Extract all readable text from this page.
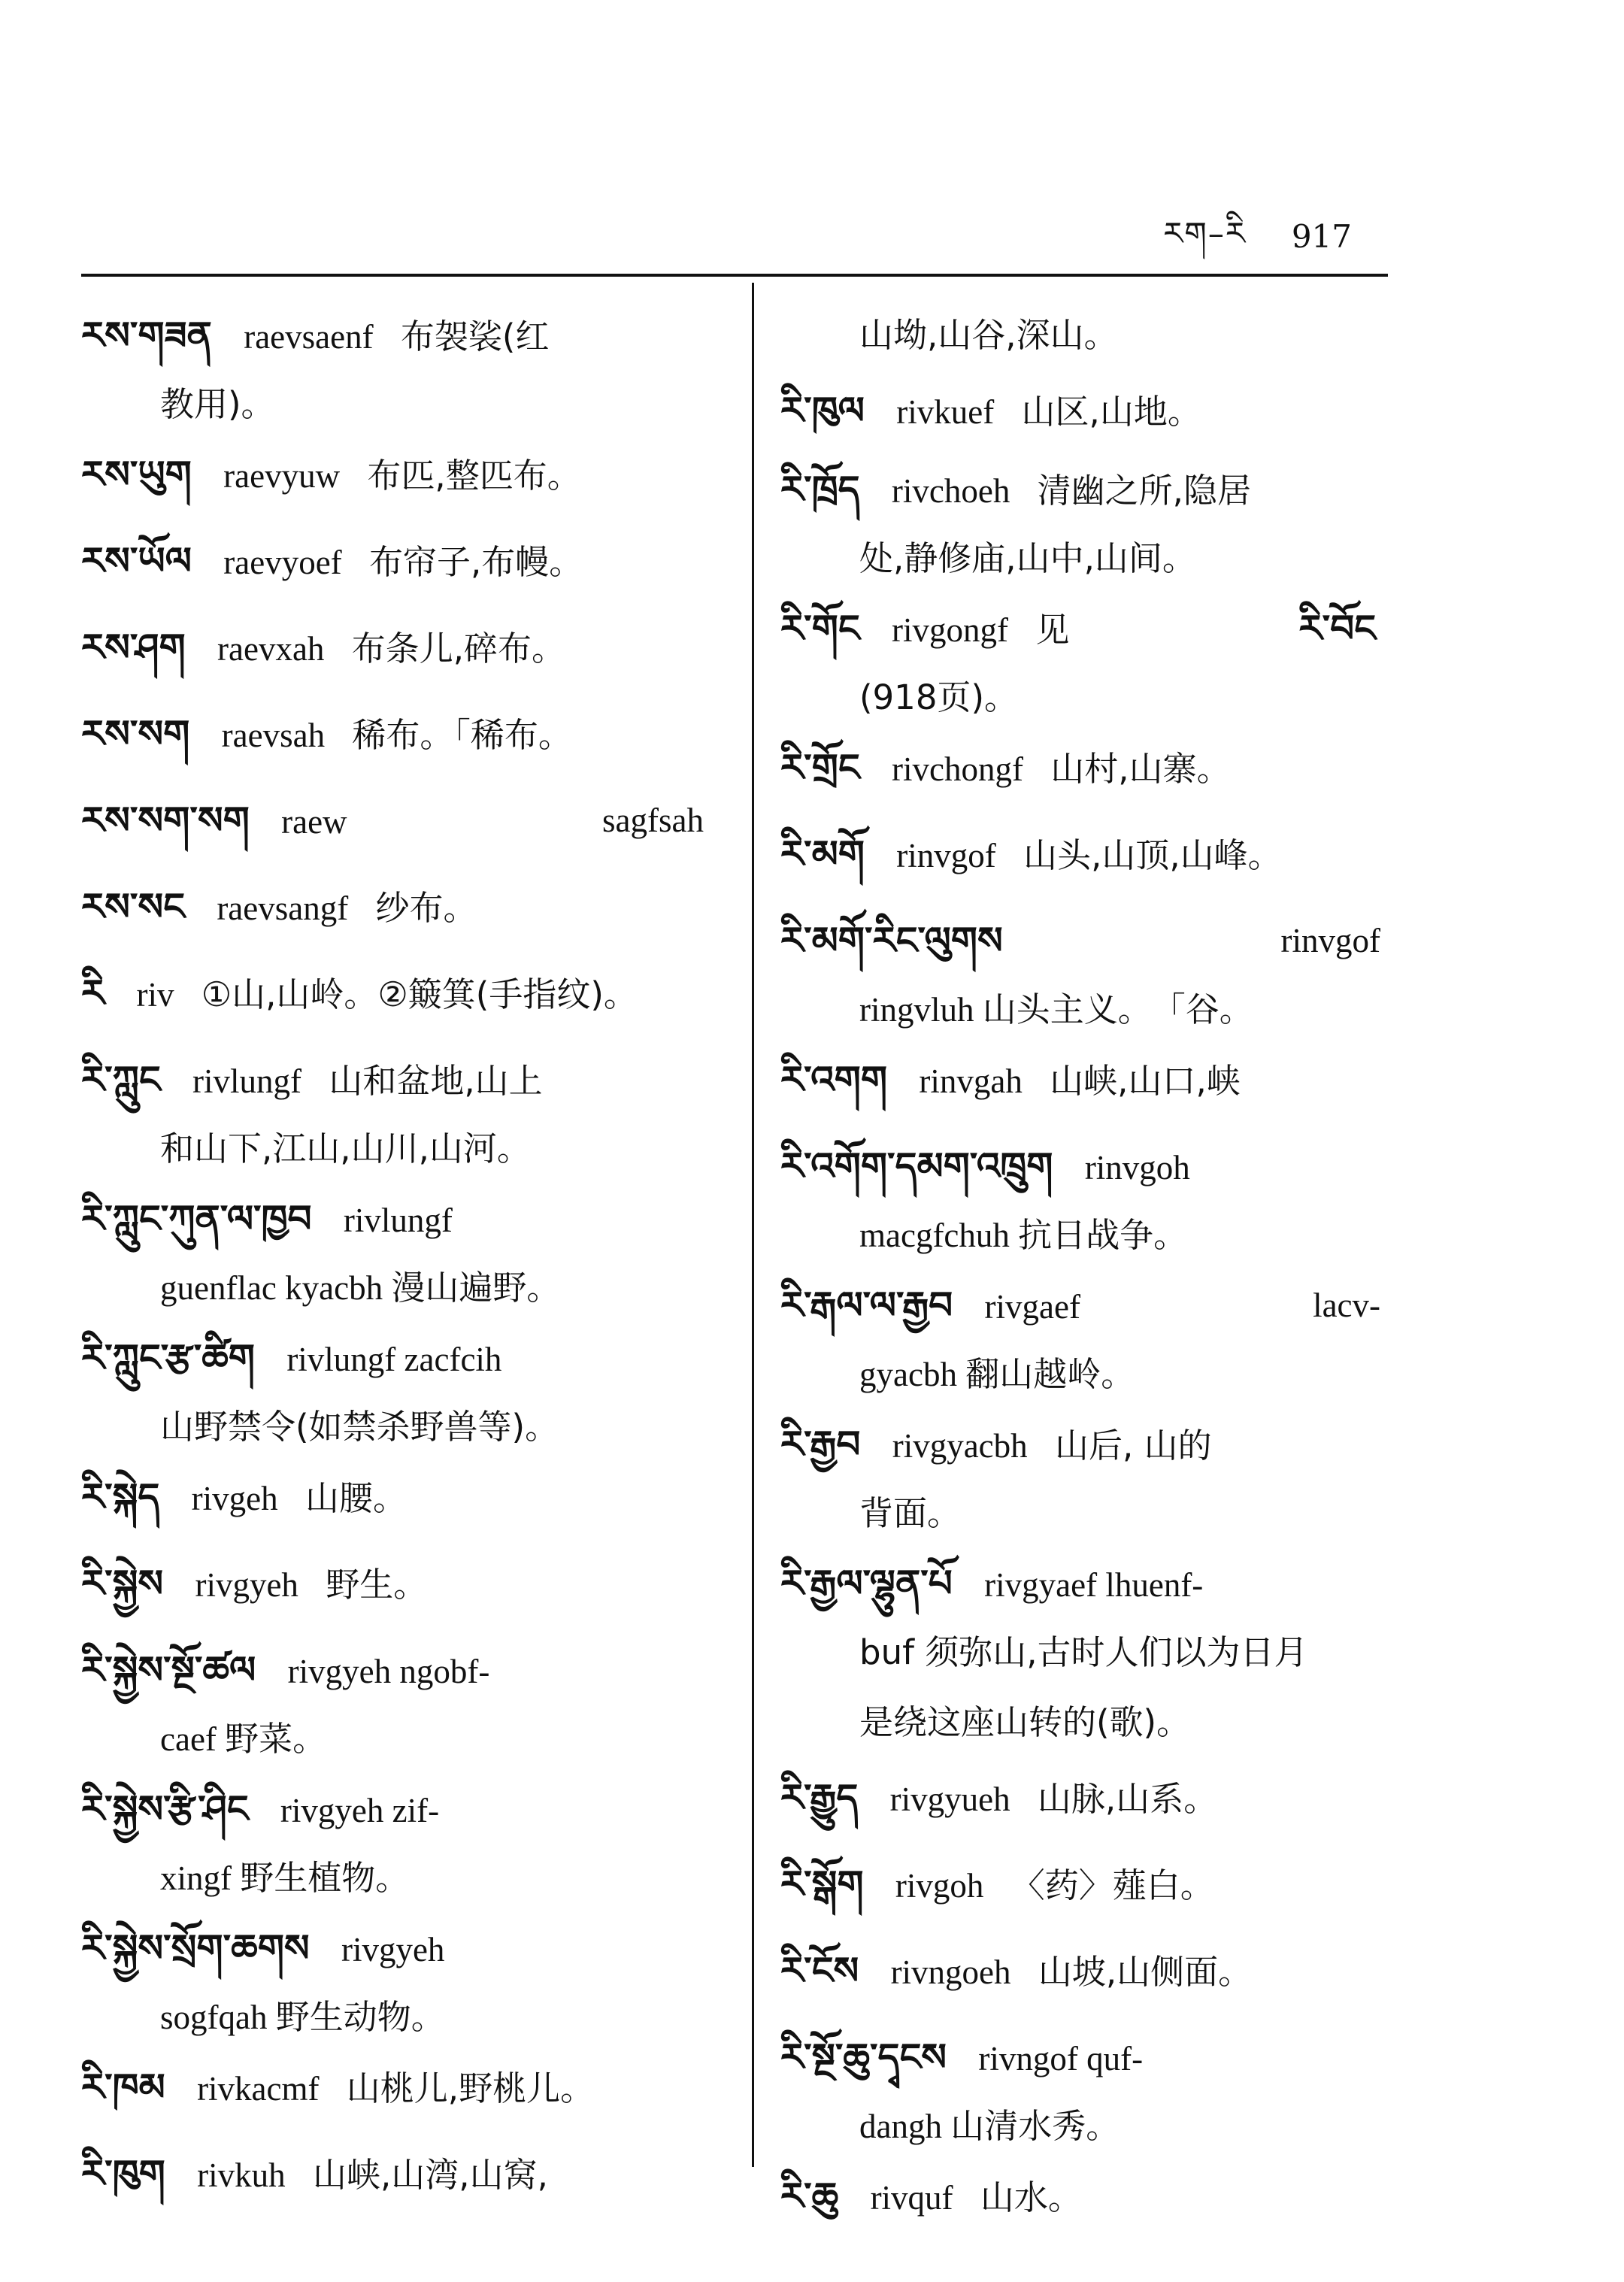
རག–རི 917
རས་གཟན raevsaenf 布袈裟(红
教用)。
རས་ཡུག raevyuw 布匹,整匹布。
རས་ཡོལ raevyoef 布帘子,布幔。
རས་ཤག raevxah 布条儿,碎布。
རས་སག raevsah 稀布。「稀布。
རས་སག་སག raew	sagfsah
རས་སང raevsangf 纱布。
རི riv ①山,山岭。②簸箕(手指纹)。
རི་ཀླུང rivlungf 山和盆地,山上
和山下,江山,山川,山河。
རི་ཀླུང་ཀུན་ལ་ཁྱབ rivlungf
guenflac kyacbh 漫山遍野。
རི་ཀླུང་རྩ་ཚིག rivlungf zacfcih
山野禁令(如禁杀野兽等)。
རི་སྐེད rivgeh 山腰。
རི་སྐྱེས rivgyeh 野生。
རི་སྐྱེས་སྔོ་ཚལ rivgyeh ngobf-
caef 野菜。
རི་སྐྱེས་རྩི་ཤིང rivgyeh zif-
xingf 野生植物。
རི་སྐྱེས་སྲོག་ཆགས rivgyeh
sogfqah 野生动物。
རི་ཁམ rivkacmf 山桃儿,野桃儿。
རི་ཁུག rivkuh 山峡,山湾,山窝,
山坳,山谷,深山。
རི་ཁུལ rivkuef 山区,山地。
རི་ཁྲོད rivchoeh 清幽之所,隐居
处,静修庙,山中,山间。
རི་གོང rivgongf 见	རི་བོང
(918页)。
རི་གྲོང rivchongf 山村,山寨。
རི་མགོ rinvgof 山头,山顶,山峰。
རི་མགོ་རིང་ལུགས	rinvgof
ringvluh 山头主义。　「谷。
རི་འགག rinvgah 山峡,山口,峡
རི་འགོག་དམག་འཁྲུག rinvgoh
macgfchuh 抗日战争。
རི་རྒལ་ལ་རྒྱབ rivgaef	lacv-
gyacbh 翻山越岭。
རི་རྒྱབ rivgyacbh 山后, 山的
背面。
རི་རྒྱལ་ལྷུན་པོ rivgyaef lhuenf-
buf 须弥山,古时人们以为日月
是绕这座山转的(歌)。
རི་རྒྱུད rivgyueh 山脉,山系。
རི་སྒོག rivgoh 〈药〉薤白。
རི་ངོས rivngoeh 山坡,山侧面。
རི་སྔོ་ཆུ་དྭངས rivngof quf-
dangh 山清水秀。
རི་ཆུ rivquf 山水。
